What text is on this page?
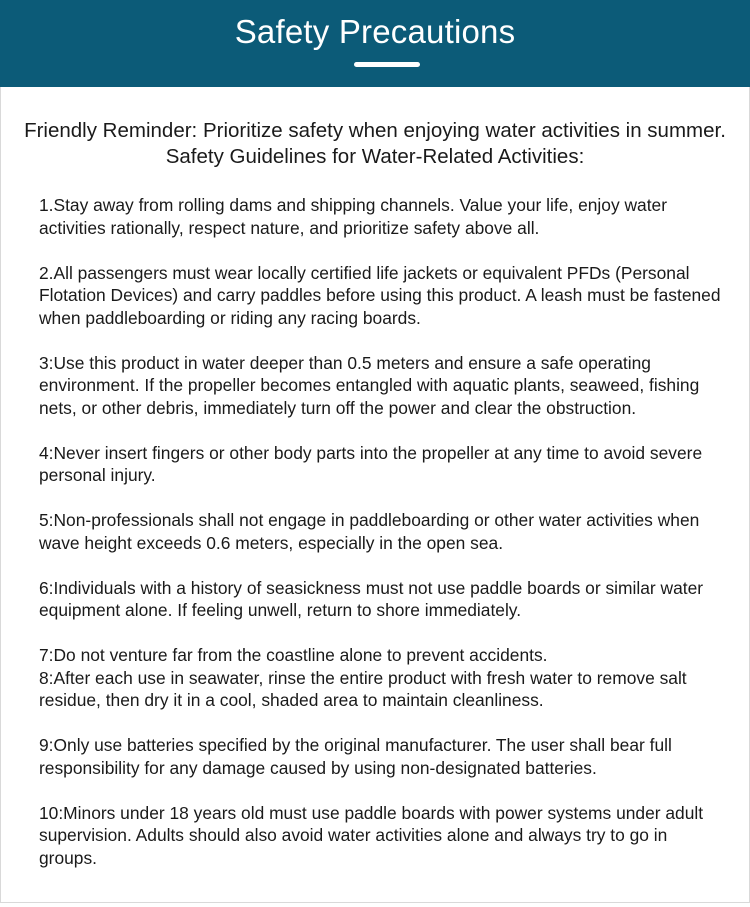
Safety Precautions
Friendly Reminder: Prioritize safety when enjoying water activities in summer. Safety Guidelines for Water-Related Activities:

1.Stay away from rolling dams and shipping channels. Value your life, enjoy water activities rationally, respect nature, and prioritize safety above all.

2.All passengers must wear locally certified life jackets or equivalent PFDs (Personal Flotation Devices) and carry paddles before using this product. A leash must be fastened when paddleboarding or riding any racing boards.

3:Use this product in water deeper than 0.5 meters and ensure a safe operating environment. If the propeller becomes entangled with aquatic plants, seaweed, fishing nets, or other debris, immediately turn off the power and clear the obstruction.

4:Never insert fingers or other body parts into the propeller at any time to avoid severe personal injury.

5:Non-professionals shall not engage in paddleboarding or other water activities when wave height exceeds 0.6 meters, especially in the open sea.

6:Individuals with a history of seasickness must not use paddle boards or similar water equipment alone. If feeling unwell, return to shore immediately.

7:Do not venture far from the coastline alone to prevent accidents.

8:After each use in seawater, rinse the entire product with fresh water to remove salt residue, then dry it in a cool, shaded area to maintain cleanliness.

9:Only use batteries specified by the original manufacturer. The user shall bear full responsibility for any damage caused by using non-designated batteries.

10:Minors under 18 years old must use paddle boards with power systems under adult supervision. Adults should also avoid water activities alone and always try to go in groups.
